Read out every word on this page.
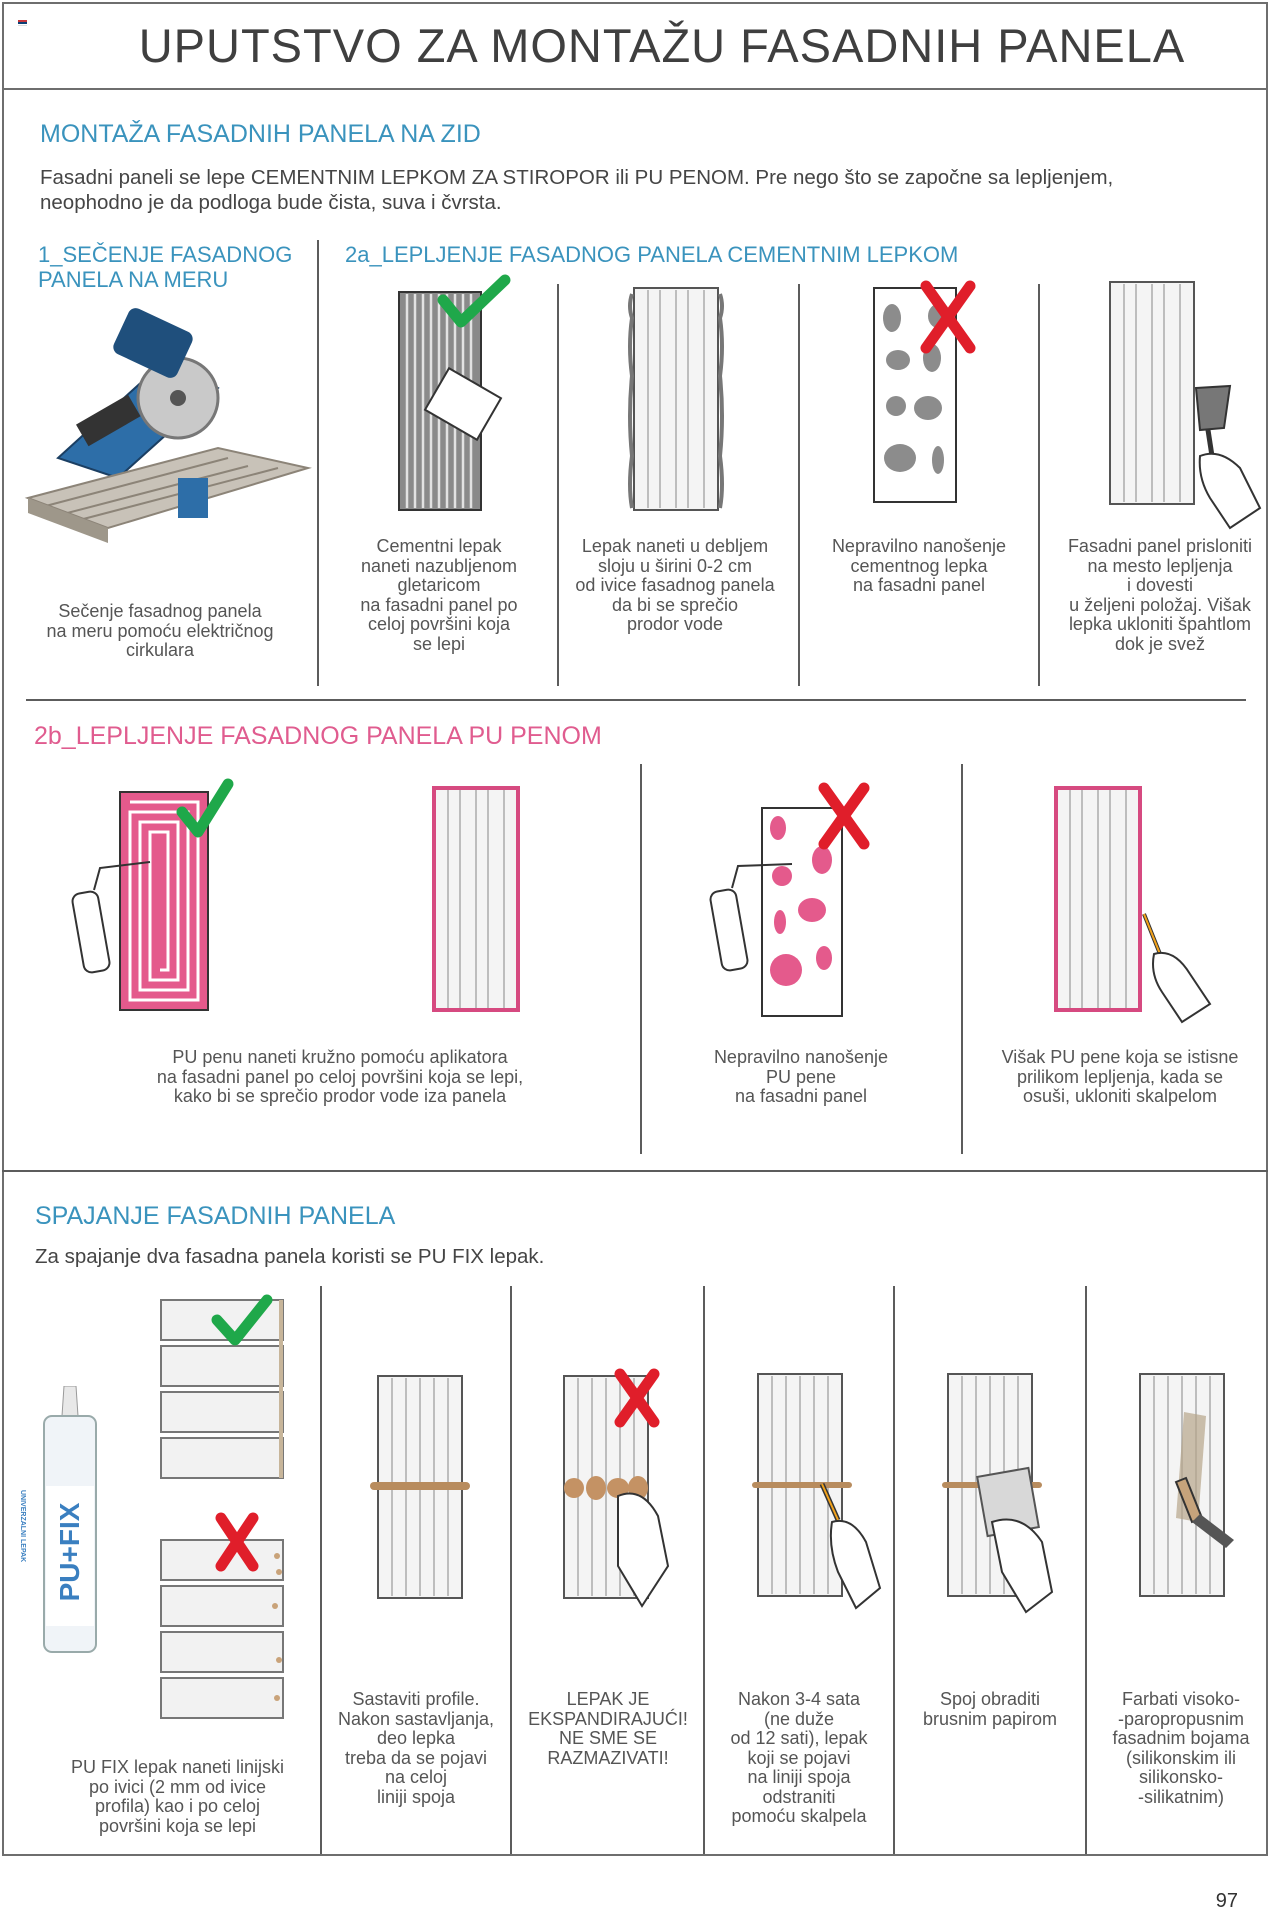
UPUTSTVO ZA MONTAŽU FASADNIH PANELA
MONTAŽA FASADNIH PANELA NA ZID
Fasadni paneli se lepe CEMENTNIM LEPKOM ZA STIROPOR ili PU PENOM. Pre nego što se započne sa lepljenjem,
neophodno je da podloga bude čista, suva i čvrsta.
1_SEČENJE FASADNOG
PANELA NA MERU
2a_LEPLJENJE FASADNOG PANELA CEMENTNIM LEPKOM
Sečenje fasadnog panela
na meru pomoću električnog
cirkulara
Cementni lepak
naneti nazubljenom
gletaricom
na fasadni panel po
celoj površini koja
se lepi
Lepak naneti u debljem
sloju u širini 0-2 cm
od ivice fasadnog panela
da bi se sprečio
prodor vode
Nepravilno nanošenje
cementnog lepka
na fasadni panel
Fasadni panel prisloniti
na mesto lepljenja
i dovesti
u željeni položaj. Višak
lepka ukloniti špahtlom
dok je svež
2b_LEPLJENJE FASADNOG PANELA PU PENOM
PU penu naneti kružno pomoću aplikatora
na fasadni panel po celoj površini koja se lepi,
kako bi se sprečio prodor vode iza panela
Nepravilno nanošenje
PU pene
na fasadni panel
Višak PU pene koja se istisne
prilikom lepljenja, kada se
osuši, ukloniti skalpelom
SPAJANJE FASADNIH PANELA
Za spajanje dva fasadna panela koristi se PU FIX lepak.
PU+FIX
UNIVERZALNI LEPAK
PU FIX lepak naneti linijski
po ivici (2 mm od ivice
profila) kao i po celoj
površini koja se lepi
Sastaviti profile.
Nakon sastavljanja,
deo lepka
treba da se pojavi
na celoj
liniji spoja
LEPAK JE
EKSPANDIRAJUĆI!
NE SME SE
RAZMAZIVATI!
Nakon 3-4 sata
(ne duže
od 12 sati), lepak
koji se pojavi
na liniji spoja
odstraniti
pomoću skalpela
Spoj obraditi
brusnim papirom
Farbati visoko-
-paropropusnim
fasadnim bojama
(silikonskim ili
silikonsko-
-silikatnim)
97
